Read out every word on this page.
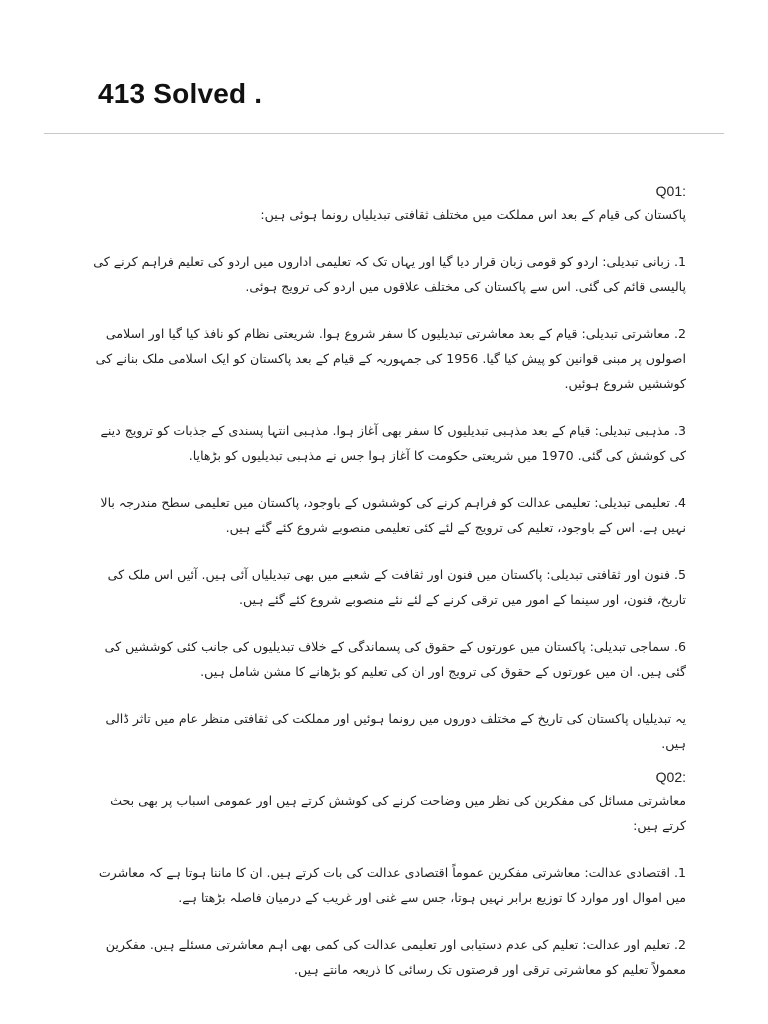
413 Solved .
Q01:

پاکستان کی قیام کے بعد اس مملکت میں مختلف ثقافتی تبدیلیاں رونما ہوئی ہیں:

1. زبانی تبدیلی: اردو کو قومی زبان قرار دیا گیا اور یہاں تک کہ تعلیمی اداروں میں اردو کی تعلیم فراہم کرنے کی پالیسی قائم کی گئی. اس سے پاکستان کی مختلف علاقوں میں اردو کی ترویج ہوئی.

2. معاشرتی تبدیلی: قیام کے بعد معاشرتی تبدیلیوں کا سفر شروع ہوا. شریعتی نظام کو نافذ کیا گیا اور اسلامی اصولوں پر مبنی قوانین کو پیش کیا گیا. 1956 کی جمہوریہ کے قیام کے بعد پاکستان کو ایک اسلامی ملک بنانے کی کوششیں شروع ہوئیں.

3. مذہبی تبدیلی: قیام کے بعد مذہبی تبدیلیوں کا سفر بھی آغاز ہوا. مذہبی انتہا پسندی کے جذبات کو ترویج دینے کی کوشش کی گئی. 1970 میں شریعتی حکومت کا آغاز ہوا جس نے مذہبی تبدیلیوں کو بڑھایا.

4. تعلیمی تبدیلی: تعلیمی عدالت کو فراہم کرنے کی کوششوں کے باوجود، پاکستان میں تعلیمی سطح مندرجہ بالا نہیں ہے. اس کے باوجود، تعلیم کی ترویج کے لئے کئی تعلیمی منصوبے شروع کئے گئے ہیں.

5. فنون اور ثقافتی تبدیلی: پاکستان میں فنون اور ثقافت کے شعبے میں بھی تبدیلیاں آئی ہیں. آئیں اس ملک کی تاریخ، فنون، اور سینما کے امور میں ترقی کرنے کے لئے نئے منصوبے شروع کئے گئے ہیں.

6. سماجی تبدیلی: پاکستان میں عورتوں کے حقوق کی پسماندگی کے خلاف تبدیلیوں کی جانب کئی کوششیں کی گئی ہیں. ان میں عورتوں کے حقوق کی ترویج اور ان کی تعلیم کو بڑھانے کا مشن شامل ہیں.

یہ تبدیلیاں پاکستان کی تاریخ کے مختلف دوروں میں رونما ہوئیں اور مملکت کی ثقافتی منظر عام میں تاثر ڈالی ہیں.

Q02:

معاشرتی مسائل کی مفکرین کی نظر میں وضاحت کرنے کی کوشش کرتے ہیں اور عمومی اسباب پر بھی بحث کرتے ہیں:

1. اقتصادی عدالت: معاشرتی مفکرین عموماً اقتصادی عدالت کی بات کرتے ہیں. ان کا ماننا ہوتا ہے کہ معاشرت میں اموال اور موارد کا توزیع برابر نہیں ہوتا، جس سے غنی اور غریب کے درمیان فاصلہ بڑھتا ہے.

2. تعلیم اور عدالت: تعلیم کی عدم دستیابی اور تعلیمی عدالت کی کمی بھی اہم معاشرتی مسئلے ہیں. مفکرین معمولاً تعلیم کو معاشرتی ترقی اور فرصتوں تک رسائی کا ذریعہ مانتے ہیں.
